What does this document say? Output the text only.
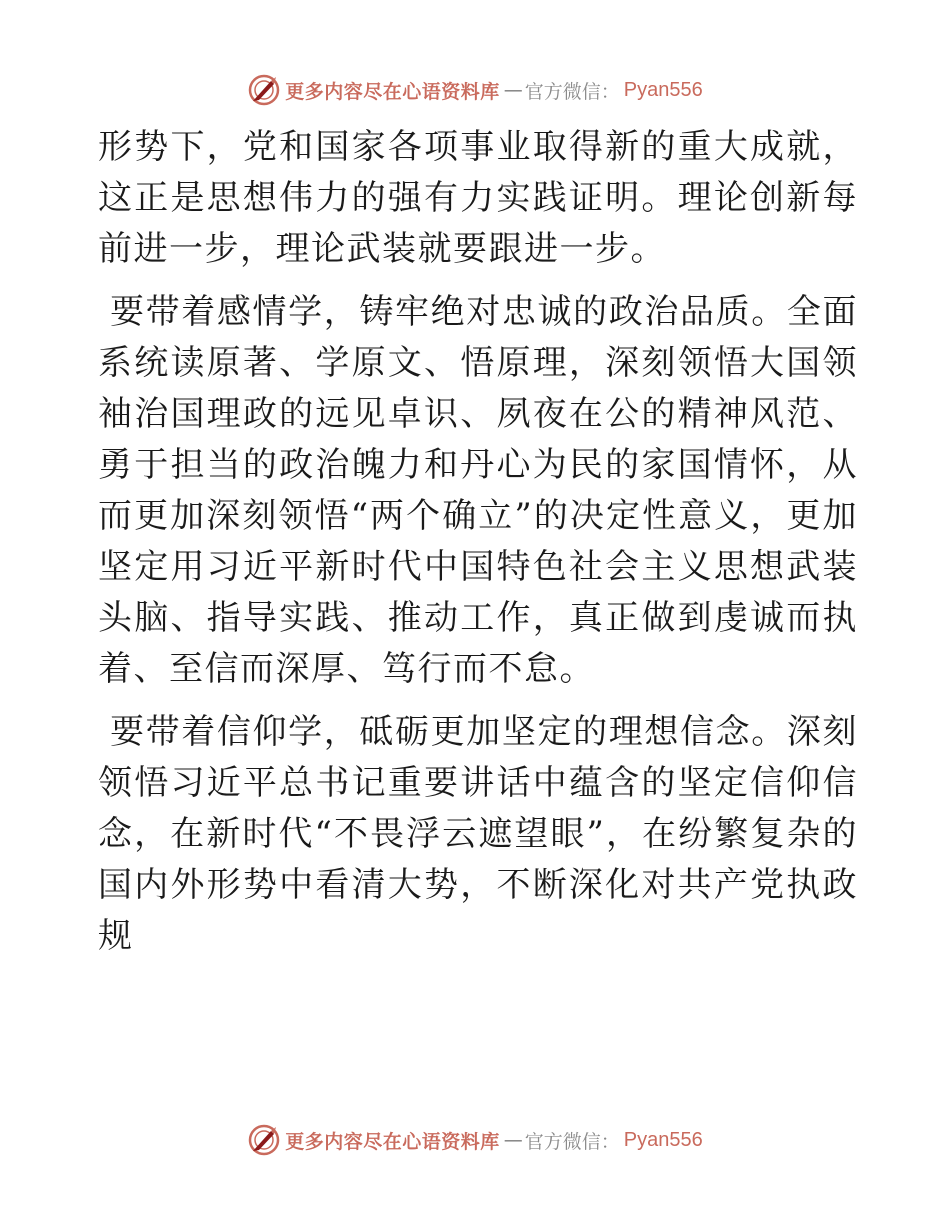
更多内容尽在心语资料库 — 官方微信： Pyan556

形势下，党和国家各项事业取得新的重大成就，这正是思想伟力的强有力实践证明。理论创新每前进一步，理论武装就要跟进一步。

要带着感情学，铸牢绝对忠诚的政治品质。全面系统读原著、学原文、悟原理，深刻领悟大国领袖治国理政的远见卓识、夙夜在公的精神风范、勇于担当的政治魄力和丹心为民的家国情怀，从而更加深刻领悟“两个确立”的决定性意义，更加坚定用习近平新时代中国特色社会主义思想武装头脑、指导实践、推动工作，真正做到虔诚而执着、至信而深厚、笃行而不怠。

要带着信仰学，砥砺更加坚定的理想信念。深刻领悟习近平总书记重要讲话中蕴含的坚定信仰信念，在新时代“不畏浮云遮望眼”，在纷繁复杂的国内外形势中看清大势，不断深化对共产党执政规

更多内容尽在心语资料库 — 官方微信： Pyan556
